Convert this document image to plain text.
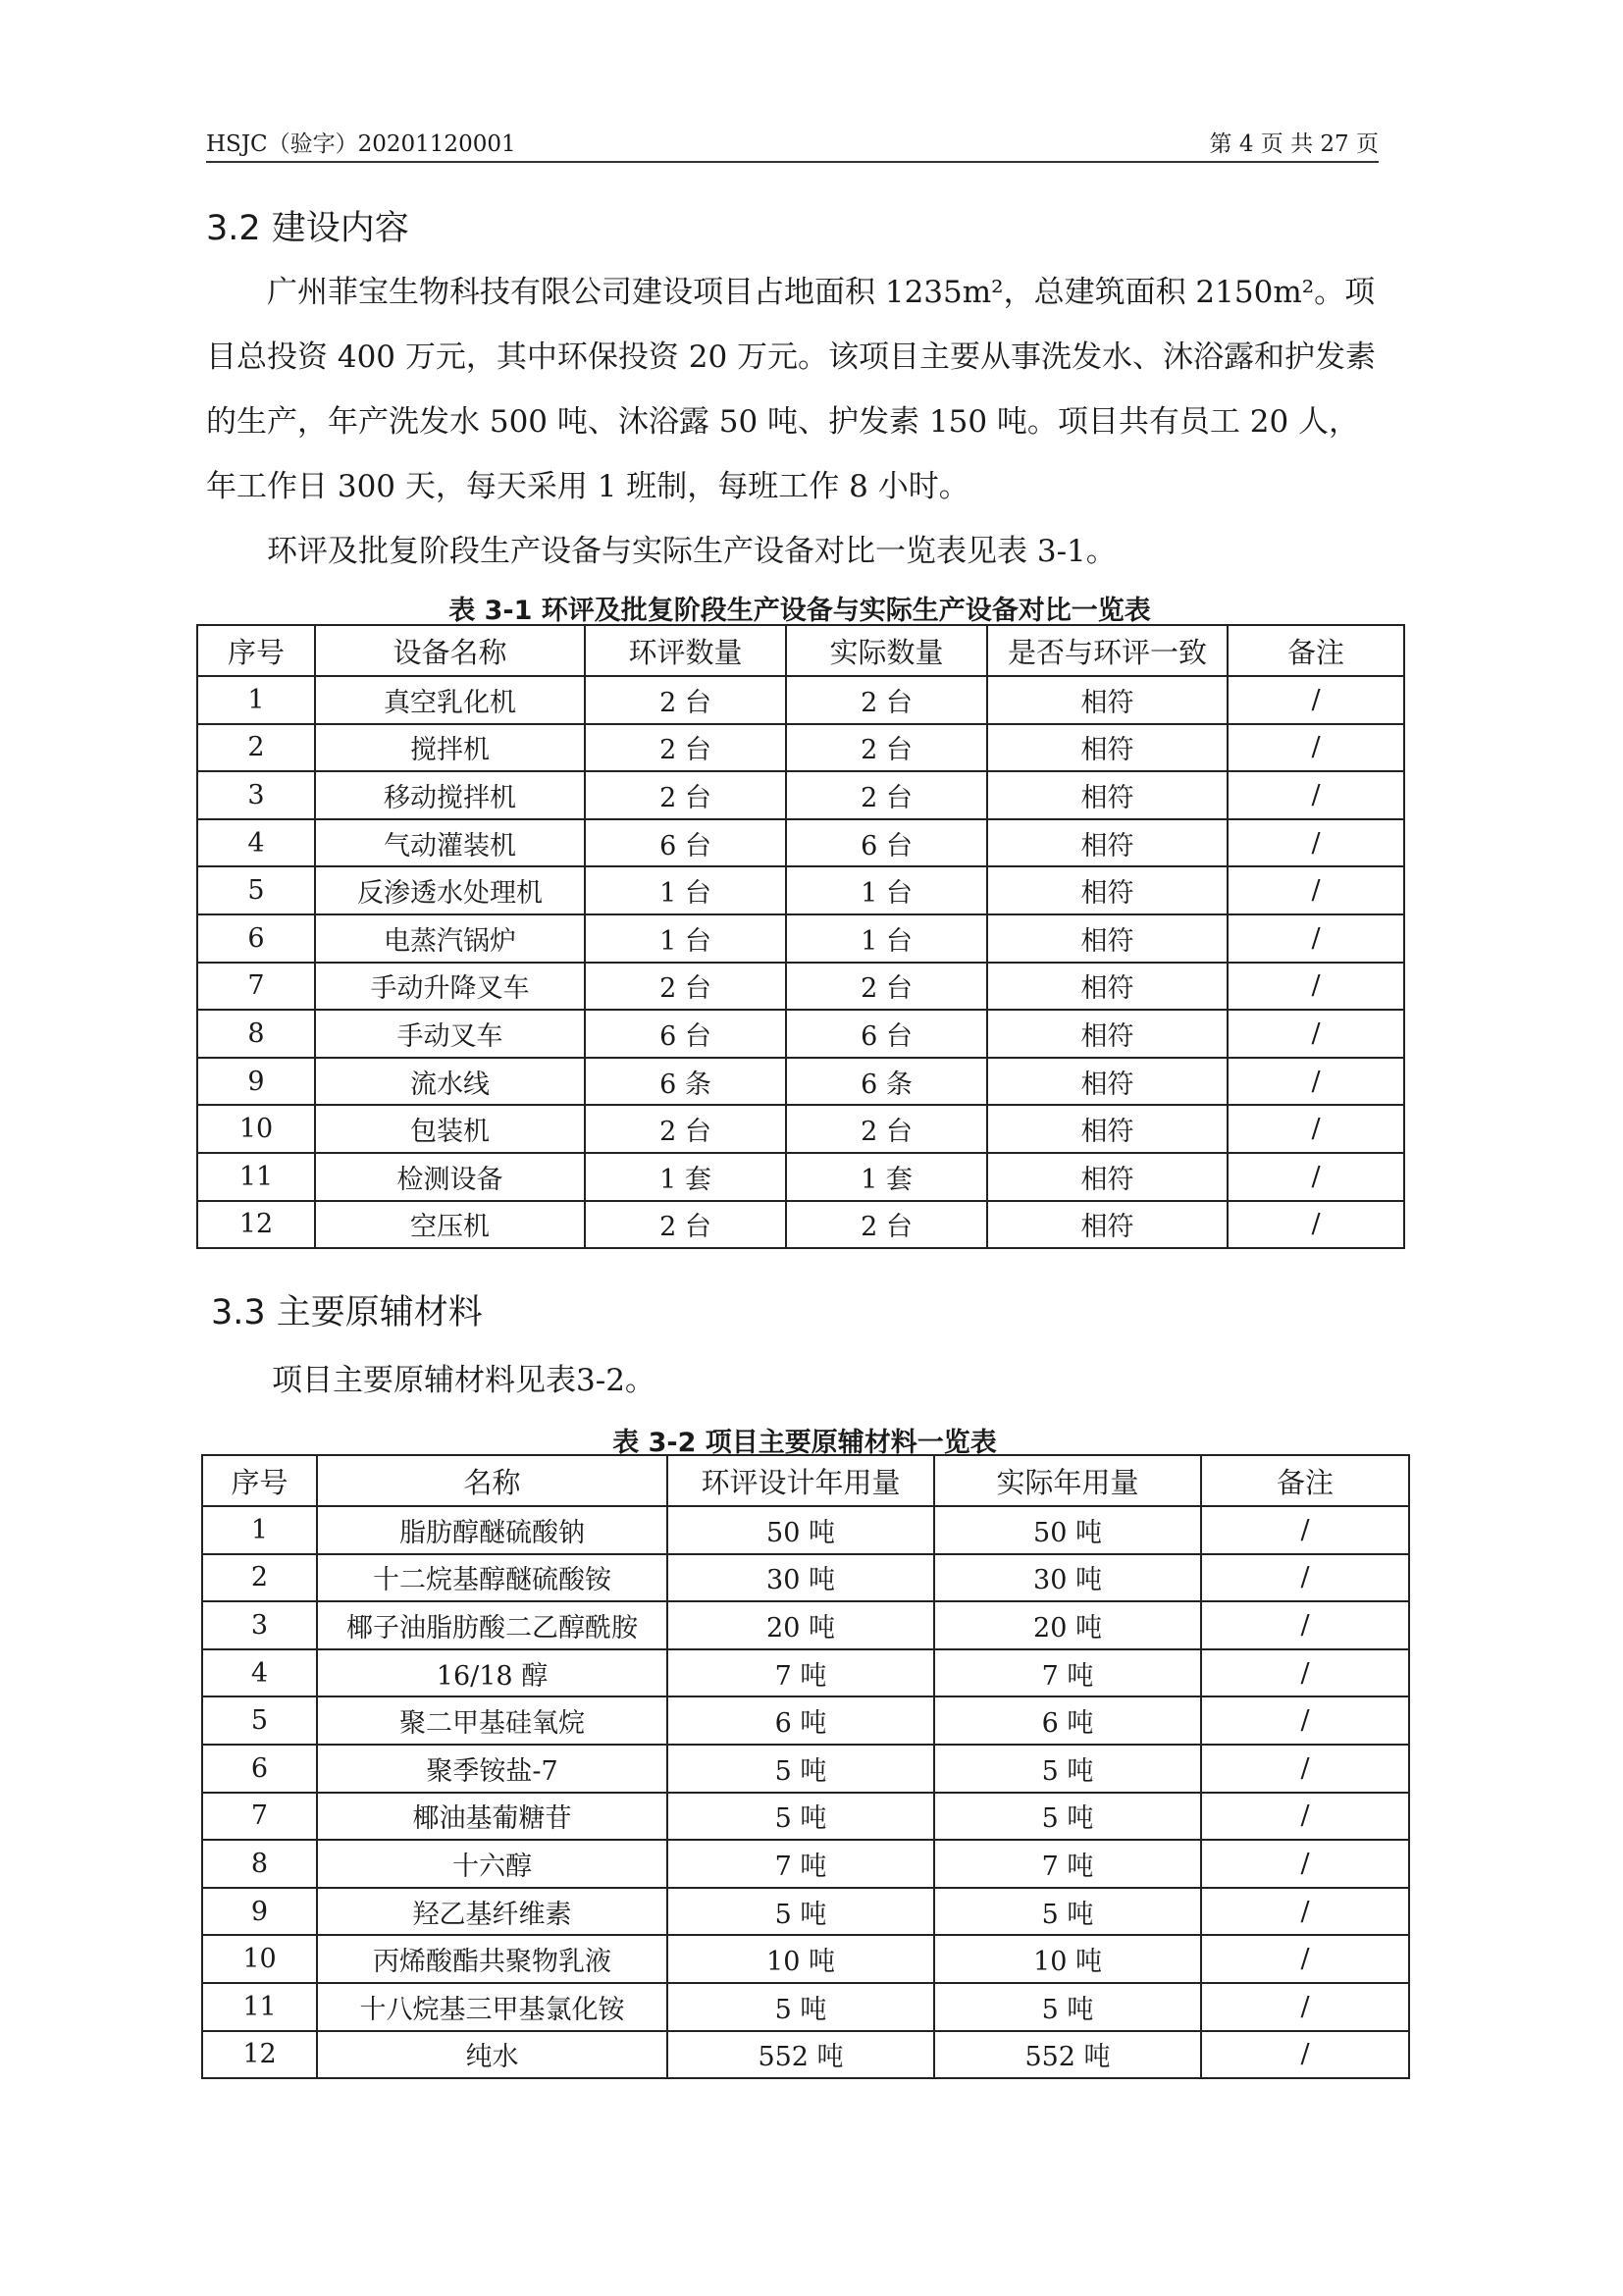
HSJC（验字）20201120001	第 4 页 共 27 页
3.2 建设内容

广州菲宝生物科技有限公司建设项目占地面积 1235m²，总建筑面积 2150m²。项目总投资 400 万元，其中环保投资 20 万元。该项目主要从事洗发水、沐浴露和护发素的生产，年产洗发水 500 吨、沐浴露 50 吨、护发素 150 吨。项目共有员工 20 人，年工作日 300 天，每天采用 1 班制，每班工作 8 小时。

环评及批复阶段生产设备与实际生产设备对比一览表见表 3-1。

表 3-1 环评及批复阶段生产设备与实际生产设备对比一览表
序号	设备名称	环评数量	实际数量	是否与环评一致	备注
1	真空乳化机	2 台	2 台	相符	/
2	搅拌机	2 台	2 台	相符	/
3	移动搅拌机	2 台	2 台	相符	/
4	气动灌装机	6 台	6 台	相符	/
5	反渗透水处理机	1 台	1 台	相符	/
6	电蒸汽锅炉	1 台	1 台	相符	/
7	手动升降叉车	2 台	2 台	相符	/
8	手动叉车	6 台	6 台	相符	/
9	流水线	6 条	6 条	相符	/
10	包装机	2 台	2 台	相符	/
11	检测设备	1 套	1 套	相符	/
12	空压机	2 台	2 台	相符	/
3.3 主要原辅材料

项目主要原辅材料见表3-2。

表 3-2 项目主要原辅材料一览表
序号	名称	环评设计年用量	实际年用量	备注
1	脂肪醇醚硫酸钠	50 吨	50 吨	/
2	十二烷基醇醚硫酸铵	30 吨	30 吨	/
3	椰子油脂肪酸二乙醇酰胺	20 吨	20 吨	/
4	16/18 醇	7 吨	7 吨	/
5	聚二甲基硅氧烷	6 吨	6 吨	/
6	聚季铵盐-7	5 吨	5 吨	/
7	椰油基葡糖苷	5 吨	5 吨	/
8	十六醇	7 吨	7 吨	/
9	羟乙基纤维素	5 吨	5 吨	/
10	丙烯酸酯共聚物乳液	10 吨	10 吨	/
11	十八烷基三甲基氯化铵	5 吨	5 吨	/
12	纯水	552 吨	552 吨	/
